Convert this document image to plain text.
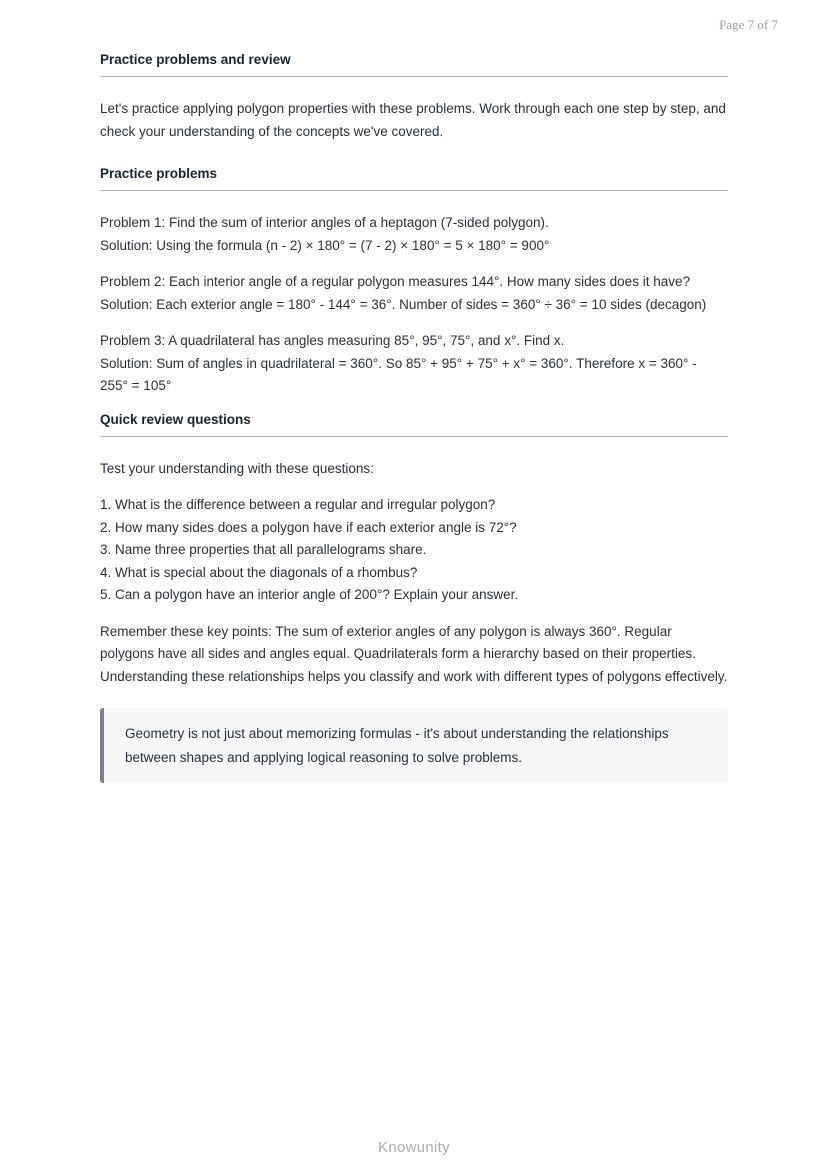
Page 7 of 7
Practice problems and review

Let's practice applying polygon properties with these problems. Work through each one step by step, and check your understanding of the concepts we've covered.

Practice problems

Problem 1: Find the sum of interior angles of a heptagon (7-sided polygon).

Solution: Using the formula (n - 2) × 180° = (7 - 2) × 180° = 5 × 180° = 900°

Problem 2: Each interior angle of a regular polygon measures 144°. How many sides does it have?

Solution: Each exterior angle = 180° - 144° = 36°. Number of sides = 360° ÷ 36° = 10 sides (decagon)

Problem 3: A quadrilateral has angles measuring 85°, 95°, 75°, and x°. Find x.

Solution: Sum of angles in quadrilateral = 360°. So 85° + 95° + 75° + x° = 360°. Therefore x = 360° - 255° = 105°

Quick review questions

Test your understanding with these questions:

1. What is the difference between a regular and irregular polygon?
2. How many sides does a polygon have if each exterior angle is 72°?
3. Name three properties that all parallelograms share.
4. What is special about the diagonals of a rhombus?
5. Can a polygon have an interior angle of 200°? Explain your answer.

Remember these key points: The sum of exterior angles of any polygon is always 360°. Regular polygons have all sides and angles equal. Quadrilaterals form a hierarchy based on their properties. Understanding these relationships helps you classify and work with different types of polygons effectively.

Geometry is not just about memorizing formulas - it's about understanding the relationships between shapes and applying logical reasoning to solve problems.

Knowunity
